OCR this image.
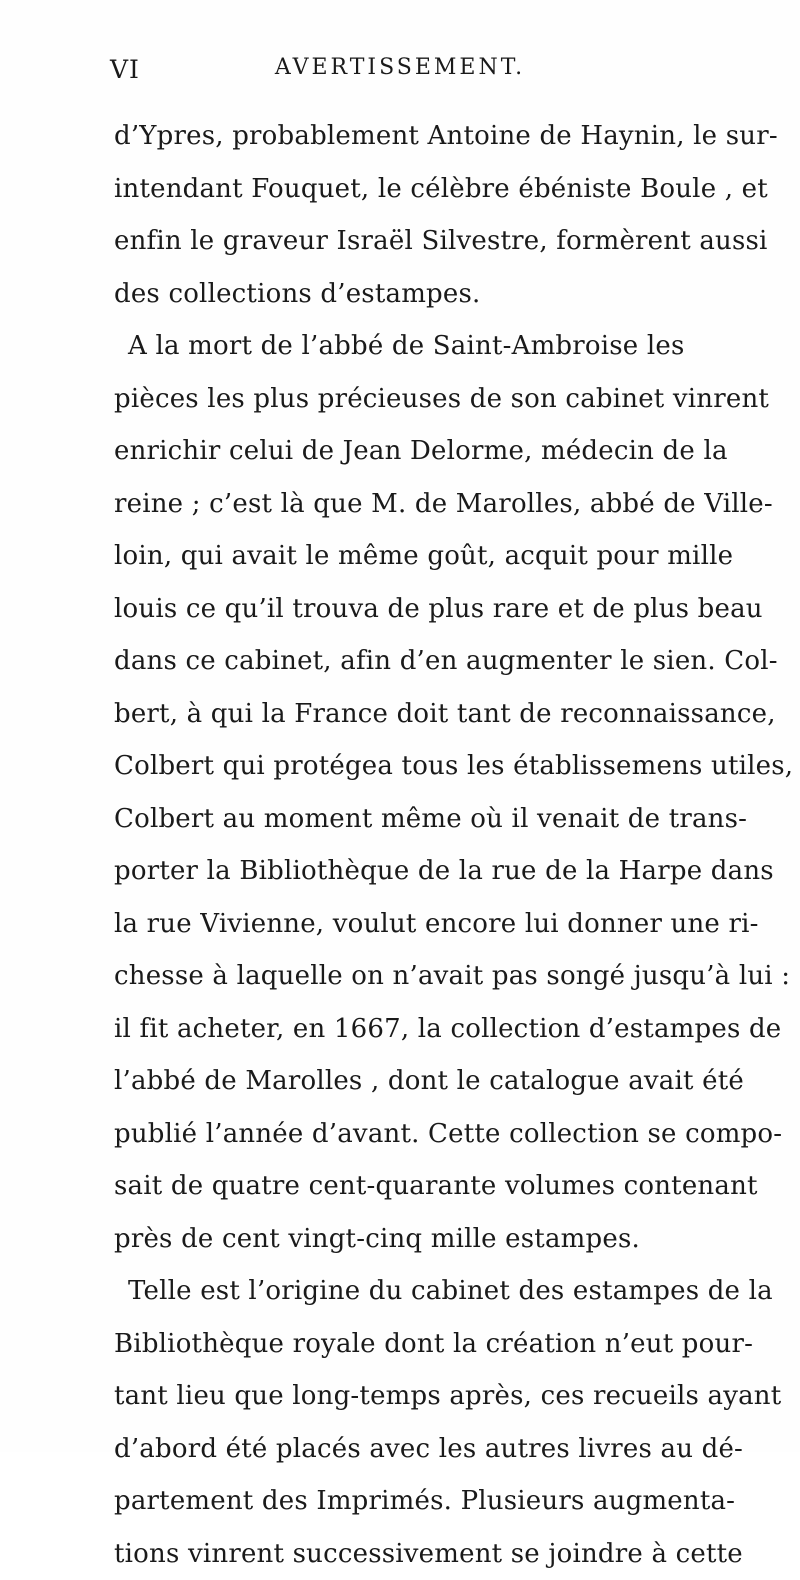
VI	AVERTISSEMENT.
d’Ypres, probablement Antoine de Haynin, le sur-
intendant Fouquet, le célèbre ébéniste Boule , et
enfin le graveur Israël Silvestre, formèrent aussi
des collections d’estampes.
A la mort de l’abbé de Saint-Ambroise les
pièces les plus précieuses de son cabinet vinrent
enrichir celui de Jean Delorme, médecin de la
reine ; c’est là que M. de Marolles, abbé de Ville-
loin, qui avait le même goût, acquit pour mille
louis ce qu’il trouva de plus rare et de plus beau
dans ce cabinet, afin d’en augmenter le sien. Col-
bert, à qui la France doit tant de reconnaissance,
Colbert qui protégea tous les établissemens utiles,
Colbert au moment même où il venait de trans-
porter la Bibliothèque de la rue de la Harpe dans
la rue Vivienne, voulut encore lui donner une ri-
chesse à laquelle on n’avait pas songé jusqu’à lui :
il fit acheter, en 1667, la collection d’estampes de
l’abbé de Marolles , dont le catalogue avait été
publié l’année d’avant. Cette collection se compo-
sait de quatre cent-quarante volumes contenant
près de cent vingt-cinq mille estampes.
Telle est l’origine du cabinet des estampes de la
Bibliothèque royale dont la création n’eut pour-
tant lieu que long-temps après, ces recueils ayant
d’abord été placés avec les autres livres au dé-
partement des Imprimés. Plusieurs augmenta-
tions vinrent successivement se joindre à cette
